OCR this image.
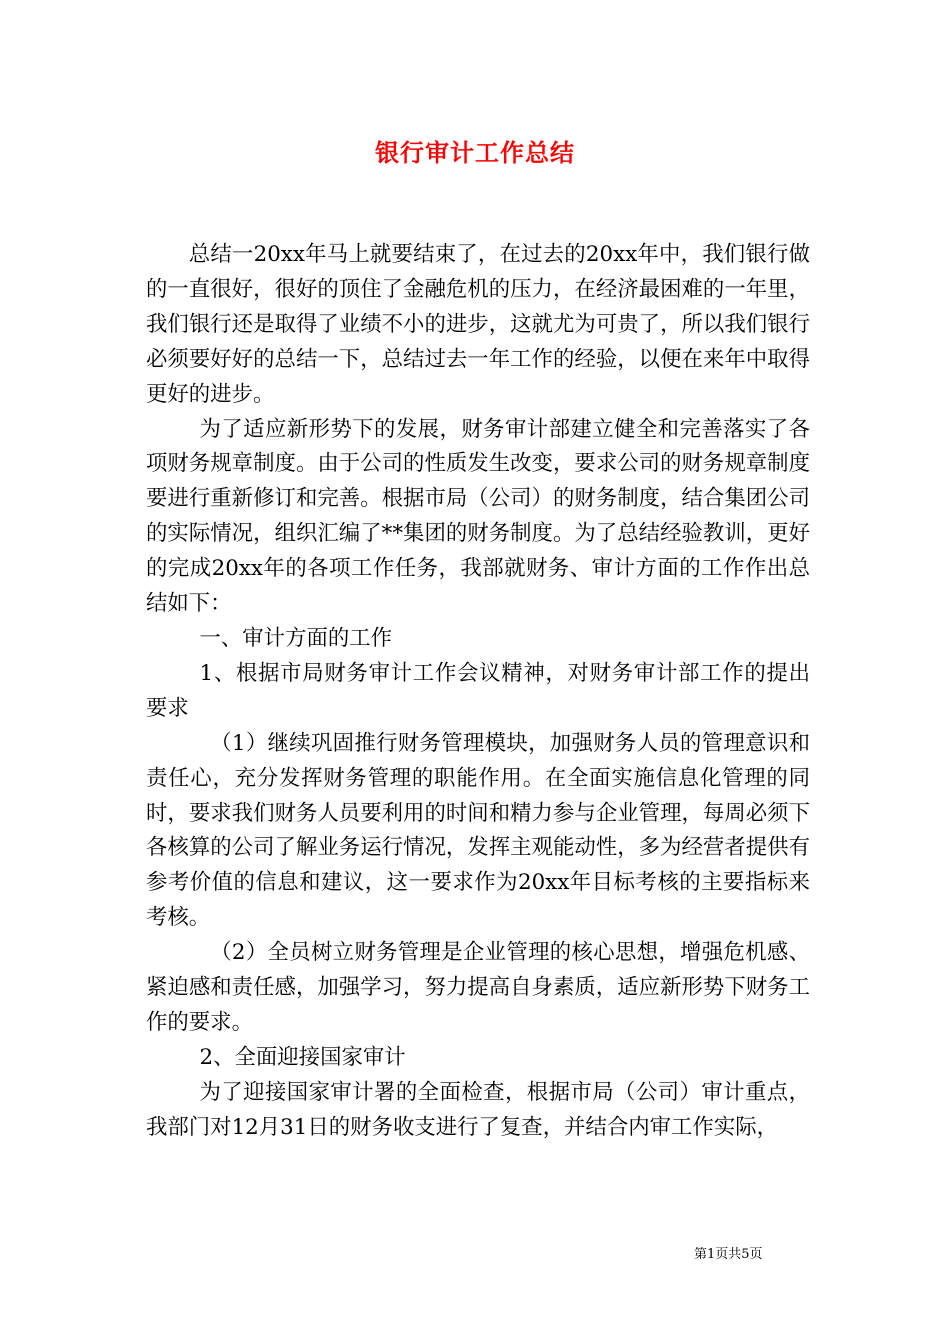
银行审计工作总结

总结一20xx年马上就要结束了，在过去的20xx年中，我们银行做的一直很好，很好的顶住了金融危机的压力，在经济最困难的一年里，我们银行还是取得了业绩不小的进步，这就尤为可贵了，所以我们银行必须要好好的总结一下，总结过去一年工作的经验，以便在来年中取得更好的进步。

为了适应新形势下的发展，财务审计部建立健全和完善落实了各项财务规章制度。由于公司的性质发生改变，要求公司的财务规章制度要进行重新修订和完善。根据市局（公司）的财务制度，结合集团公司的实际情况，组织汇编了**集团的财务制度。为了总结经验教训，更好的完成20xx年的各项工作任务，我部就财务、审计方面的工作作出总结如下：

一、审计方面的工作

1、根据市局财务审计工作会议精神，对财务审计部工作的提出要求

（1）继续巩固推行财务管理模块，加强财务人员的管理意识和责任心，充分发挥财务管理的职能作用。在全面实施信息化管理的同时，要求我们财务人员要利用的时间和精力参与企业管理，每周必须下各核算的公司了解业务运行情况，发挥主观能动性，多为经营者提供有参考价值的信息和建议，这一要求作为20xx年目标考核的主要指标来考核。

（2）全员树立财务管理是企业管理的核心思想，增强危机感、紧迫感和责任感，加强学习，努力提高自身素质，适应新形势下财务工作的要求。

2、全面迎接国家审计

为了迎接国家审计署的全面检查，根据市局（公司）审计重点，我部门对12月31日的财务收支进行了复查，并结合内审工作实际，

第1页共5页
